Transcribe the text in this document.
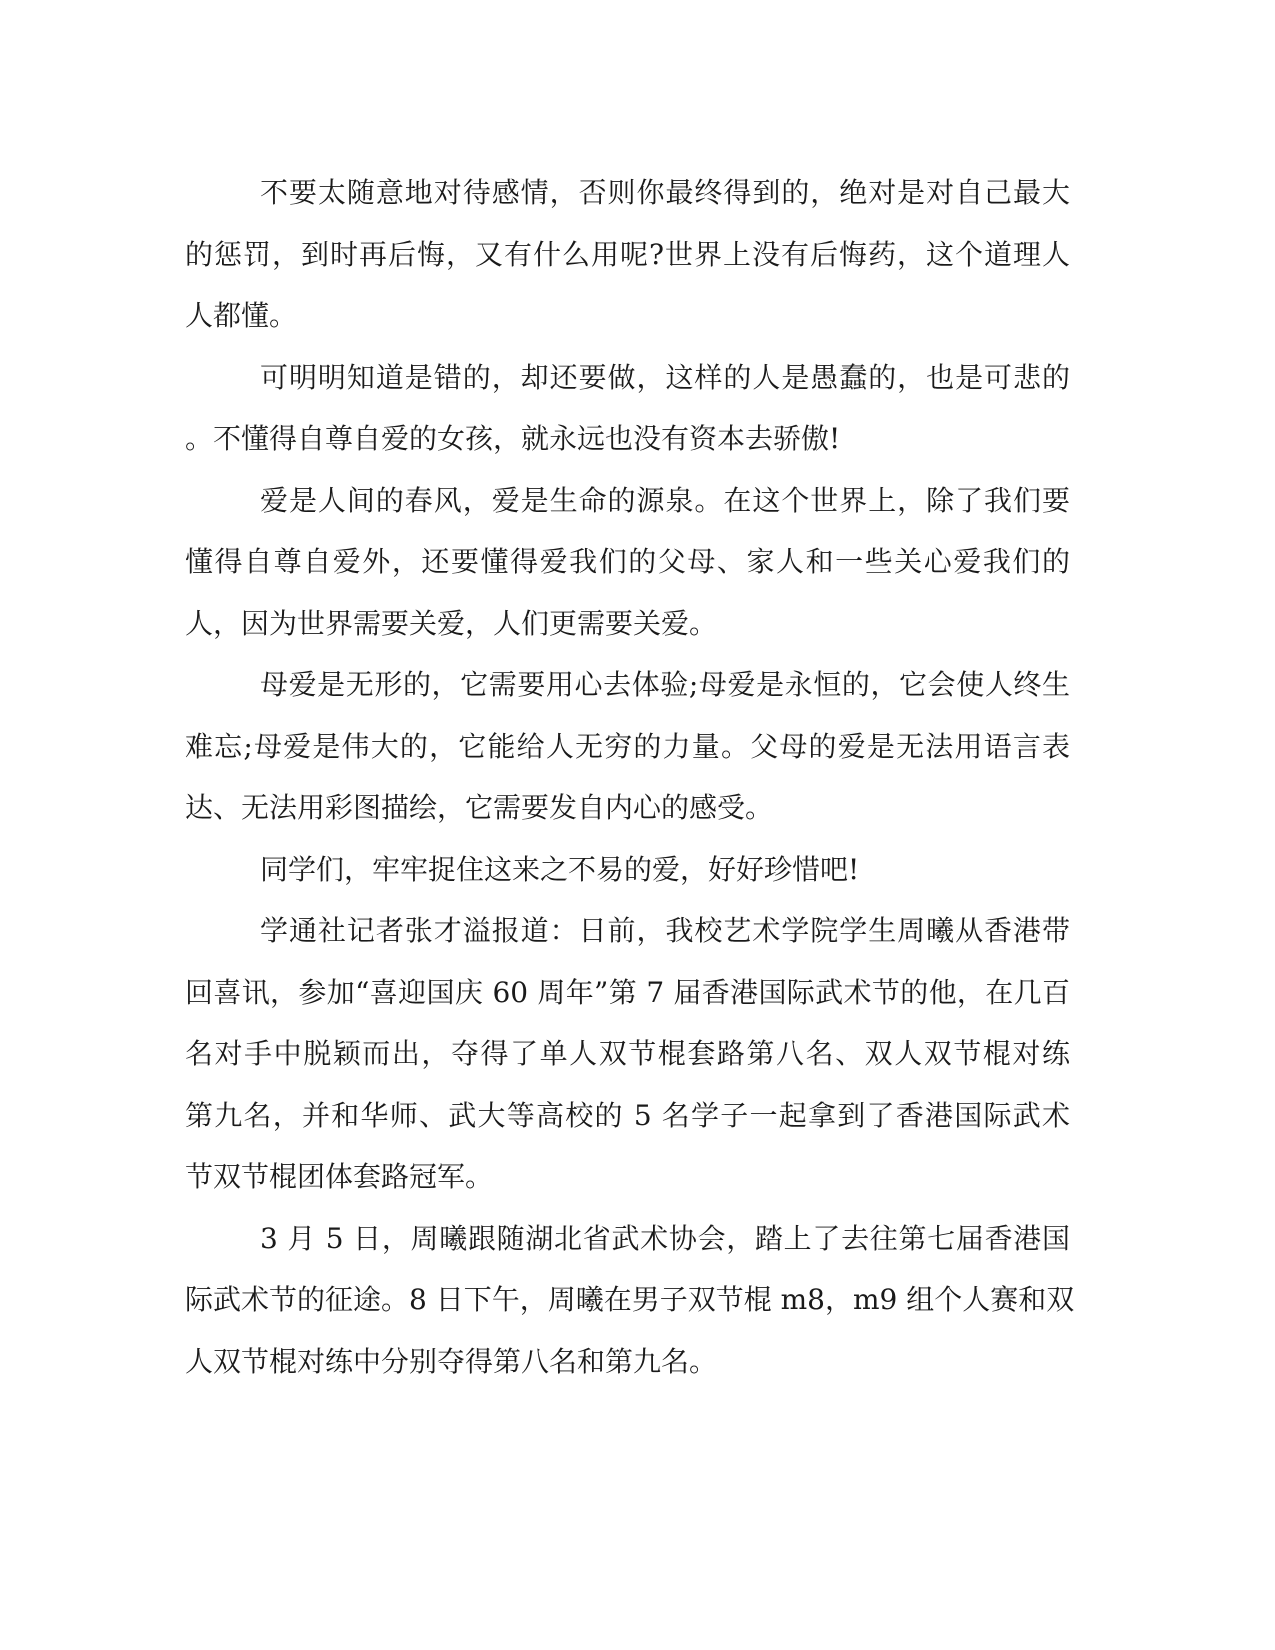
不要太随意地对待感情，否则你最终得到的，绝对是对自己最大
的惩罚，到时再后悔，又有什么用呢?世界上没有后悔药，这个道理人
人都懂。

可明明知道是错的，却还要做，这样的人是愚蠢的，也是可悲的
。不懂得自尊自爱的女孩，就永远也没有资本去骄傲!

爱是人间的春风，爱是生命的源泉。在这个世界上，除了我们要
懂得自尊自爱外，还要懂得爱我们的父母、家人和一些关心爱我们的
人，因为世界需要关爱，人们更需要关爱。

母爱是无形的，它需要用心去体验;母爱是永恒的，它会使人终生
难忘;母爱是伟大的，它能给人无穷的力量。父母的爱是无法用语言表
达、无法用彩图描绘，它需要发自内心的感受。

同学们，牢牢捉住这来之不易的爱，好好珍惜吧!

学通社记者张才溢报道：日前，我校艺术学院学生周曦从香港带
回喜讯，参加“喜迎国庆 60 周年”第 7 届香港国际武术节的他，在几百
名对手中脱颖而出，夺得了单人双节棍套路第八名、双人双节棍对练
第九名，并和华师、武大等高校的 5 名学子一起拿到了香港国际武术
节双节棍团体套路冠军。

3 月 5 日，周曦跟随湖北省武术协会，踏上了去往第七届香港国
际武术节的征途。8 日下午，周曦在男子双节棍 m8，m9 组个人赛和双
人双节棍对练中分别夺得第八名和第九名。
